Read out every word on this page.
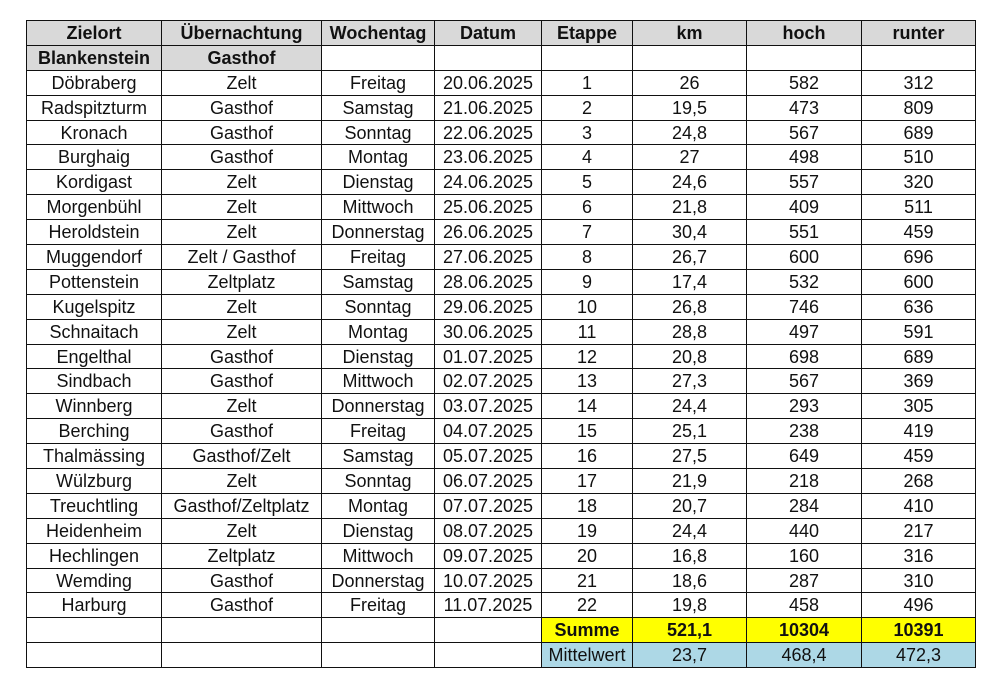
Zielort	Übernachtung	Wochentag	Datum	Etappe	km	hoch	runter
Blankenstein	Gasthof						
Döbraberg	Zelt	Freitag	20.06.2025	1	26	582	312
Radspitzturm	Gasthof	Samstag	21.06.2025	2	19,5	473	809
Kronach	Gasthof	Sonntag	22.06.2025	3	24,8	567	689
Burghaig	Gasthof	Montag	23.06.2025	4	27	498	510
Kordigast	Zelt	Dienstag	24.06.2025	5	24,6	557	320
Morgenbühl	Zelt	Mittwoch	25.06.2025	6	21,8	409	511
Heroldstein	Zelt	Donnerstag	26.06.2025	7	30,4	551	459
Muggendorf	Zelt / Gasthof	Freitag	27.06.2025	8	26,7	600	696
Pottenstein	Zeltplatz	Samstag	28.06.2025	9	17,4	532	600
Kugelspitz	Zelt	Sonntag	29.06.2025	10	26,8	746	636
Schnaitach	Zelt	Montag	30.06.2025	11	28,8	497	591
Engelthal	Gasthof	Dienstag	01.07.2025	12	20,8	698	689
Sindbach	Gasthof	Mittwoch	02.07.2025	13	27,3	567	369
Winnberg	Zelt	Donnerstag	03.07.2025	14	24,4	293	305
Berching	Gasthof	Freitag	04.07.2025	15	25,1	238	419
Thalmässing	Gasthof/Zelt	Samstag	05.07.2025	16	27,5	649	459
Wülzburg	Zelt	Sonntag	06.07.2025	17	21,9	218	268
Treuchtling	Gasthof/Zeltplatz	Montag	07.07.2025	18	20,7	284	410
Heidenheim	Zelt	Dienstag	08.07.2025	19	24,4	440	217
Hechlingen	Zeltplatz	Mittwoch	09.07.2025	20	16,8	160	316
Wemding	Gasthof	Donnerstag	10.07.2025	21	18,6	287	310
Harburg	Gasthof	Freitag	11.07.2025	22	19,8	458	496
				Summe	521,1	10304	10391
				Mittelwert	23,7	468,4	472,3
